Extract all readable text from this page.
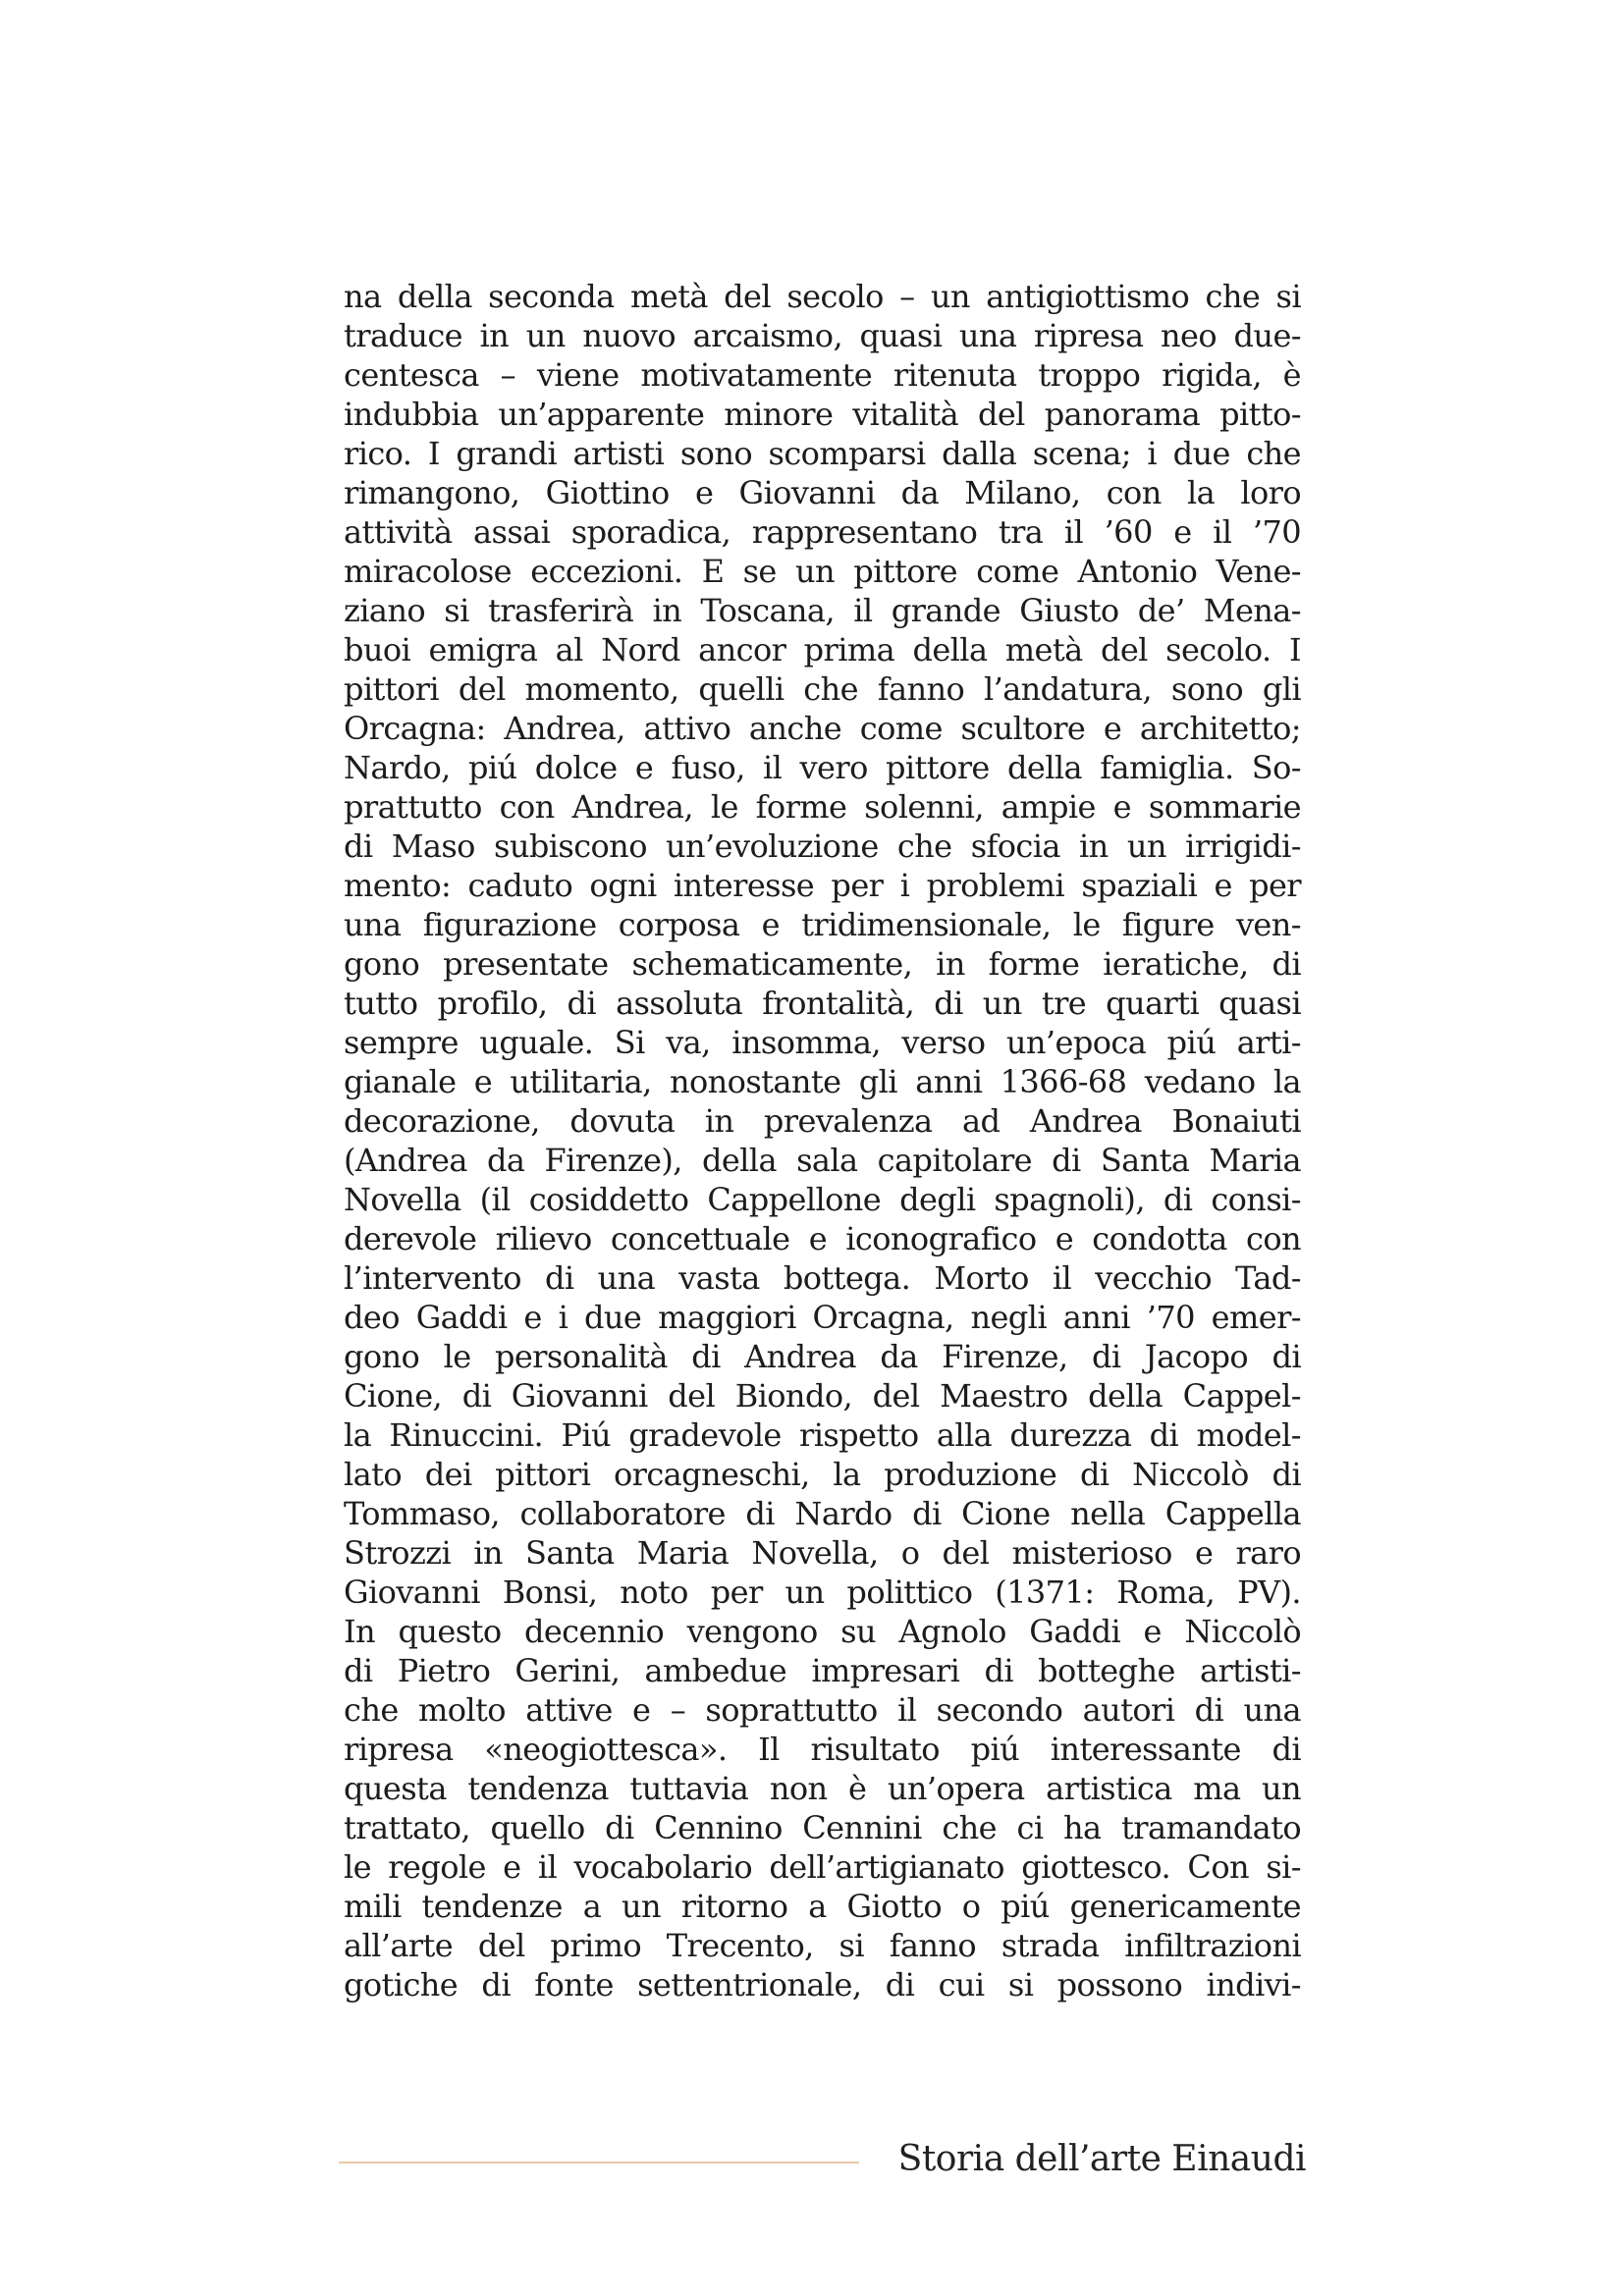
na della seconda metà del secolo – un antigiottismo che si
traduce in un nuovo arcaismo, quasi una ripresa neo due-
centesca – viene motivatamente ritenuta troppo rigida, è
indubbia un’apparente minore vitalità del panorama pitto-
rico. I grandi artisti sono scomparsi dalla scena; i due che
rimangono, Giottino e Giovanni da Milano, con la loro
attività assai sporadica, rappresentano tra il ’60 e il ’70
miracolose eccezioni. E se un pittore come Antonio Vene-
ziano si trasferirà in Toscana, il grande Giusto de’ Mena-
buoi emigra al Nord ancor prima della metà del secolo. I
pittori del momento, quelli che fanno l’andatura, sono gli
Orcagna: Andrea, attivo anche come scultore e architetto;
Nardo, piú dolce e fuso, il vero pittore della famiglia. So-
prattutto con Andrea, le forme solenni, ampie e sommarie
di Maso subiscono un’evoluzione che sfocia in un irrigidi-
mento: caduto ogni interesse per i problemi spaziali e per
una figurazione corposa e tridimensionale, le figure ven-
gono presentate schematicamente, in forme ieratiche, di
tutto profilo, di assoluta frontalità, di un tre quarti quasi
sempre uguale. Si va, insomma, verso un’epoca piú arti-
gianale e utilitaria, nonostante gli anni 1366-68 vedano la
decorazione, dovuta in prevalenza ad Andrea Bonaiuti
(Andrea da Firenze), della sala capitolare di Santa Maria
Novella (il cosiddetto Cappellone degli spagnoli), di consi-
derevole rilievo concettuale e iconografico e condotta con
l’intervento di una vasta bottega. Morto il vecchio Tad-
deo Gaddi e i due maggiori Orcagna, negli anni ’70 emer-
gono le personalità di Andrea da Firenze, di Jacopo di
Cione, di Giovanni del Biondo, del Maestro della Cappel-
la Rinuccini. Piú gradevole rispetto alla durezza di model-
lato dei pittori orcagneschi, la produzione di Niccolò di
Tommaso, collaboratore di Nardo di Cione nella Cappella
Strozzi in Santa Maria Novella, o del misterioso e raro
Giovanni Bonsi, noto per un polittico (1371: Roma, PV).
In questo decennio vengono su Agnolo Gaddi e Niccolò
di Pietro Gerini, ambedue impresari di botteghe artisti-
che molto attive e – soprattutto il secondo autori di una
ripresa «neogiottesca». Il risultato piú interessante di
questa tendenza tuttavia non è un’opera artistica ma un
trattato, quello di Cennino Cennini che ci ha tramandato
le regole e il vocabolario dell’artigianato giottesco. Con si-
mili tendenze a un ritorno a Giotto o piú genericamente
all’arte del primo Trecento, si fanno strada infiltrazioni
gotiche di fonte settentrionale, di cui si possono indivi-
Storia dell’arte Einaudi
